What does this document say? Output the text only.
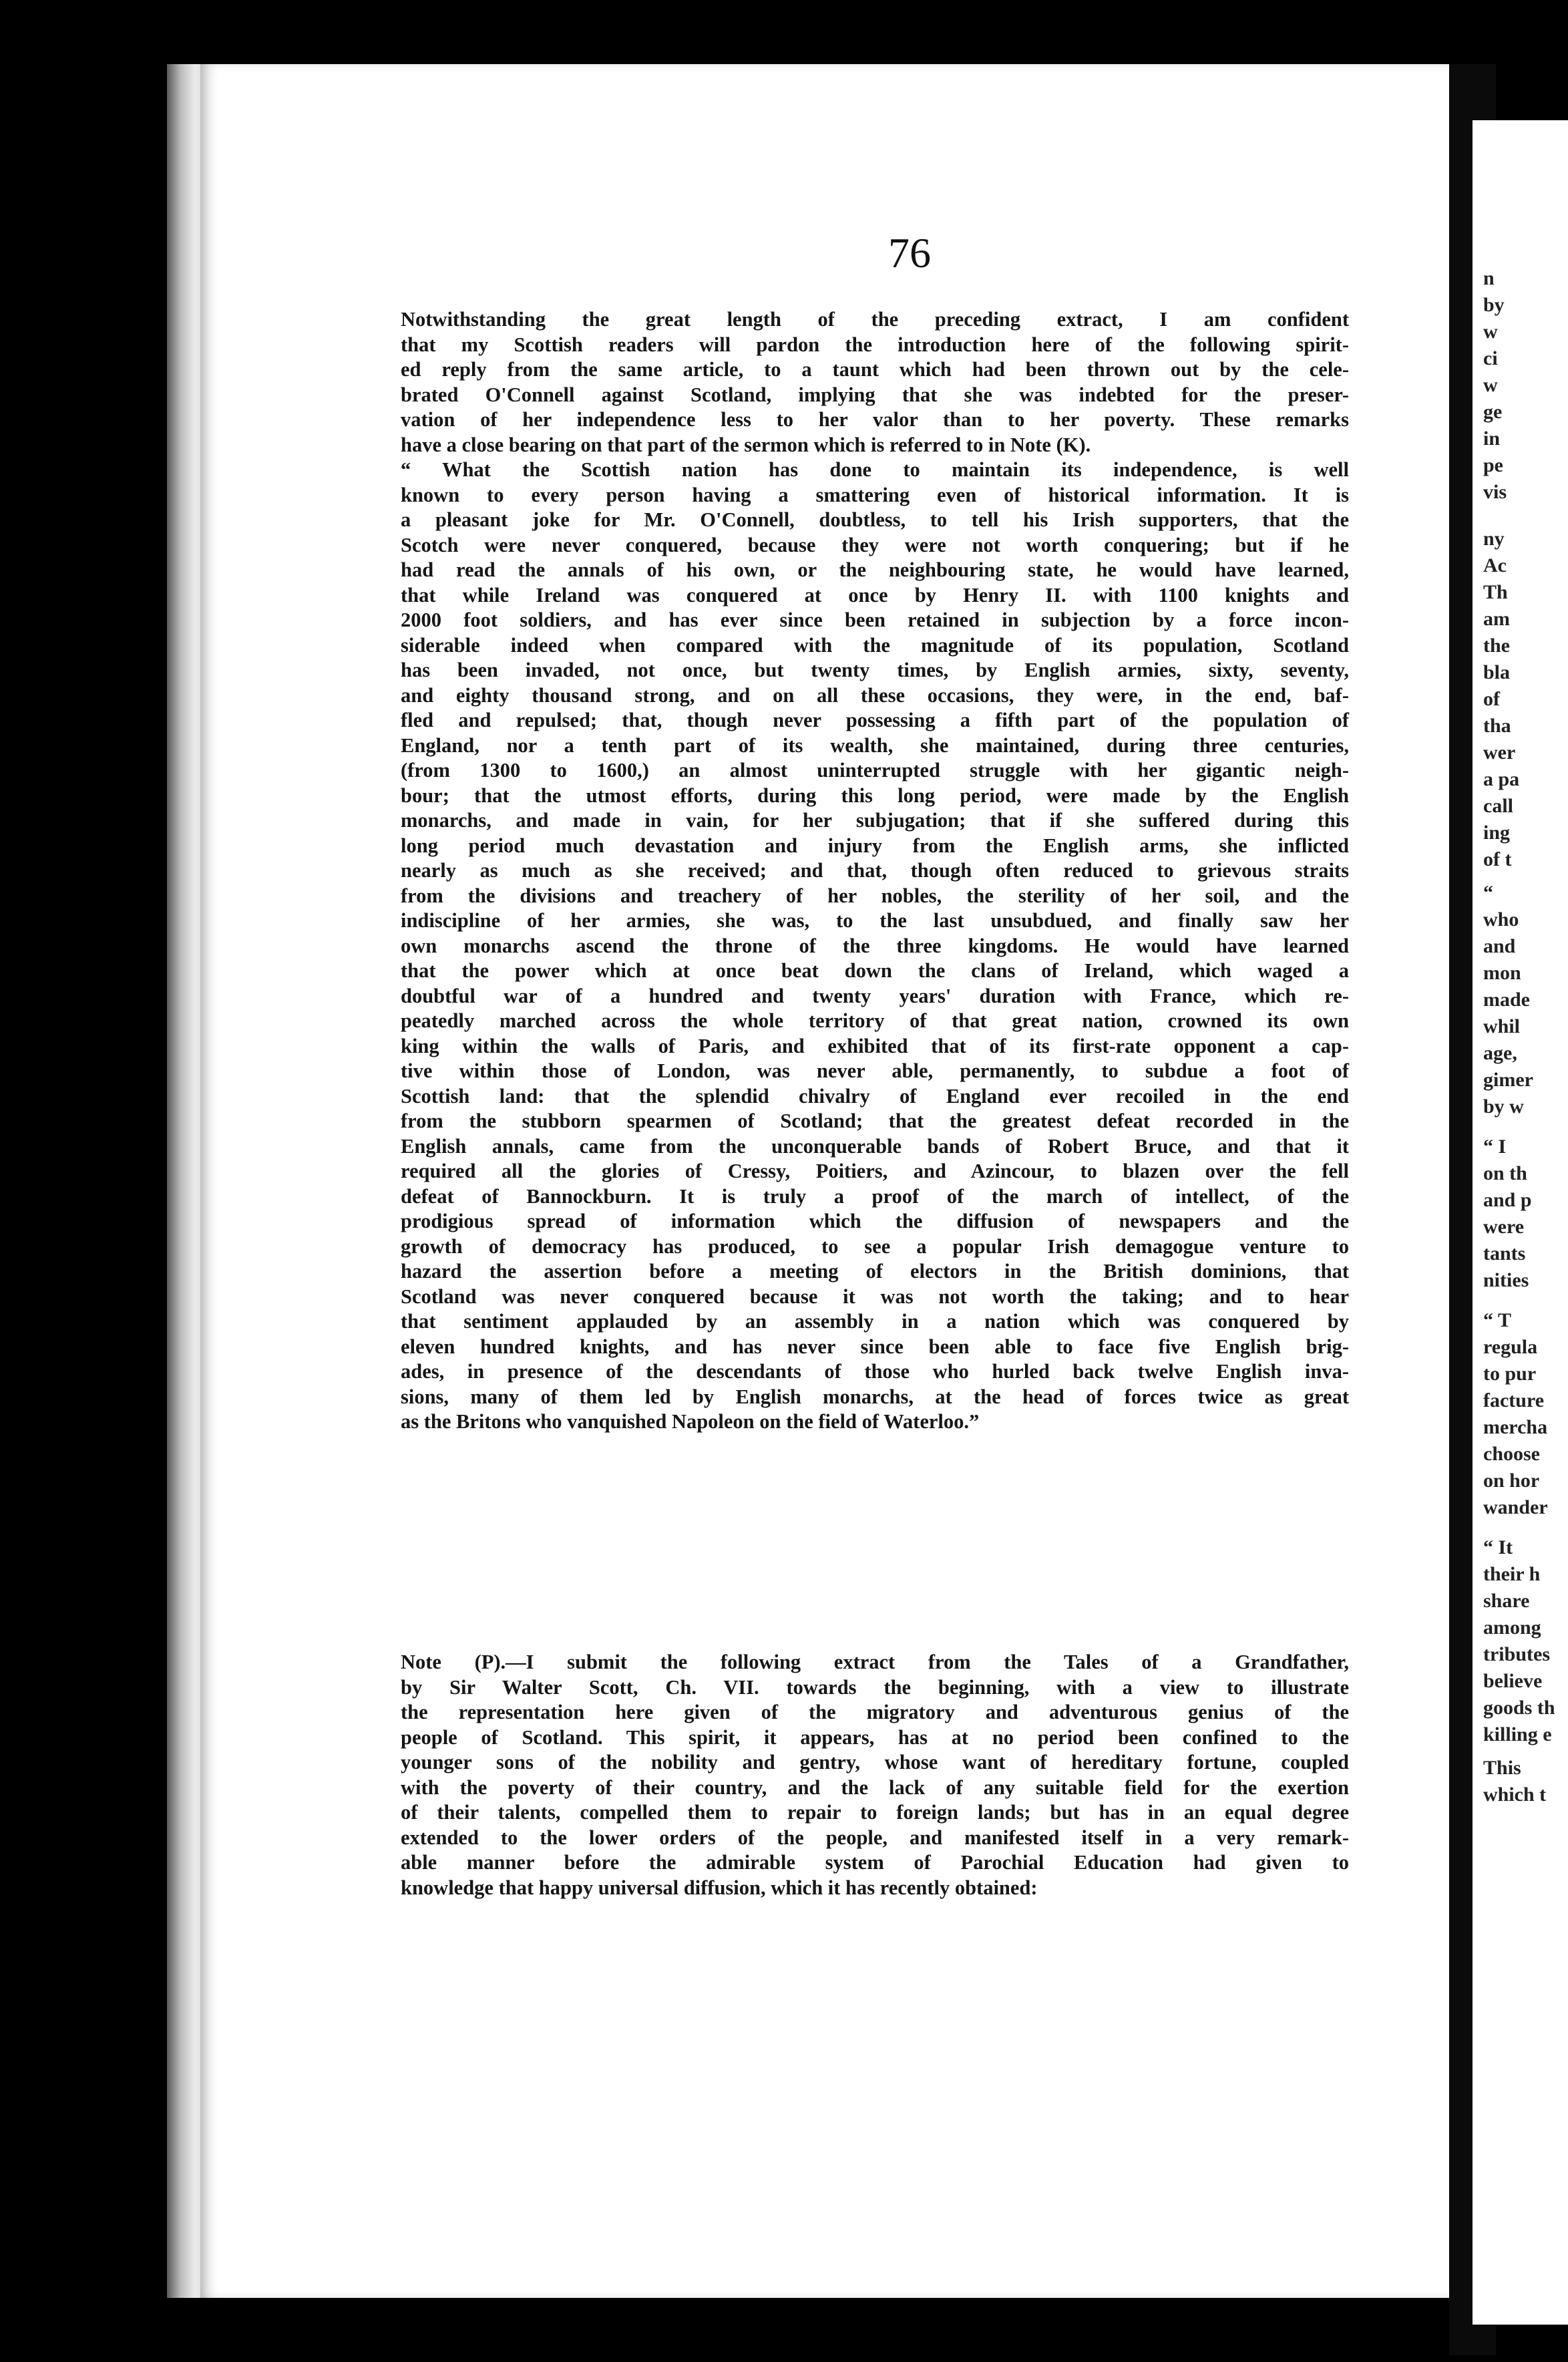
n
by
w
ci
w
ge
in
pe
vis
ny
Ac
Th
am
the
bla
of
tha
wer
a pa
call
ing
of t
“
who
and
mon
made
whil
age,
gimer
by w
“ I
on th
and p
were
tants
nities
“ T
regula
to pur
facture
mercha
choose
on hor
wander
“ It
their h
share
among
tributes
believe
goods th
killing e
This
which t
76
Notwithstanding the great length of the preceding extract, I am confident
that my Scottish readers will pardon the introduction here of the following spirit-
ed reply from the same article, to a taunt which had been thrown out by the cele-
brated O'Connell against Scotland, implying that she was indebted for the preser-
vation of her independence less to her valor than to her poverty. These remarks
have a close bearing on that part of the sermon which is referred to in Note (K).
“ What the Scottish nation has done to maintain its independence, is well
known to every person having a smattering even of historical information. It is
a pleasant joke for Mr. O'Connell, doubtless, to tell his Irish supporters, that the
Scotch were never conquered, because they were not worth conquering; but if he
had read the annals of his own, or the neighbouring state, he would have learned,
that while Ireland was conquered at once by Henry II. with 1100 knights and
2000 foot soldiers, and has ever since been retained in subjection by a force incon-
siderable indeed when compared with the magnitude of its population, Scotland
has been invaded, not once, but twenty times, by English armies, sixty, seventy,
and eighty thousand strong, and on all these occasions, they were, in the end, baf-
fled and repulsed; that, though never possessing a fifth part of the population of
England, nor a tenth part of its wealth, she maintained, during three centuries,
(from 1300 to 1600,) an almost uninterrupted struggle with her gigantic neigh-
bour; that the utmost efforts, during this long period, were made by the English
monarchs, and made in vain, for her subjugation; that if she suffered during this
long period much devastation and injury from the English arms, she inflicted
nearly as much as she received; and that, though often reduced to grievous straits
from the divisions and treachery of her nobles, the sterility of her soil, and the
indiscipline of her armies, she was, to the last unsubdued, and finally saw her
own monarchs ascend the throne of the three kingdoms. He would have learned
that the power which at once beat down the clans of Ireland, which waged a
doubtful war of a hundred and twenty years' duration with France, which re-
peatedly marched across the whole territory of that great nation, crowned its own
king within the walls of Paris, and exhibited that of its first-rate opponent a cap-
tive within those of London, was never able, permanently, to subdue a foot of
Scottish land: that the splendid chivalry of England ever recoiled in the end
from the stubborn spearmen of Scotland; that the greatest defeat recorded in the
English annals, came from the unconquerable bands of Robert Bruce, and that it
required all the glories of Cressy, Poitiers, and Azincour, to blazen over the fell
defeat of Bannockburn. It is truly a proof of the march of intellect, of the
prodigious spread of information which the diffusion of newspapers and the
growth of democracy has produced, to see a popular Irish demagogue venture to
hazard the assertion before a meeting of electors in the British dominions, that
Scotland was never conquered because it was not worth the taking; and to hear
that sentiment applauded by an assembly in a nation which was conquered by
eleven hundred knights, and has never since been able to face five English brig-
ades, in presence of the descendants of those who hurled back twelve English inva-
sions, many of them led by English monarchs, at the head of forces twice as great
as the Britons who vanquished Napoleon on the field of Waterloo.”
Note (P).—I submit the following extract from the Tales of a Grandfather,
by Sir Walter Scott, Ch. VII. towards the beginning, with a view to illustrate
the representation here given of the migratory and adventurous genius of the
people of Scotland. This spirit, it appears, has at no period been confined to the
younger sons of the nobility and gentry, whose want of hereditary fortune, coupled
with the poverty of their country, and the lack of any suitable field for the exertion
of their talents, compelled them to repair to foreign lands; but has in an equal degree
extended to the lower orders of the people, and manifested itself in a very remark-
able manner before the admirable system of Parochial Education had given to
knowledge that happy universal diffusion, which it has recently obtained:
